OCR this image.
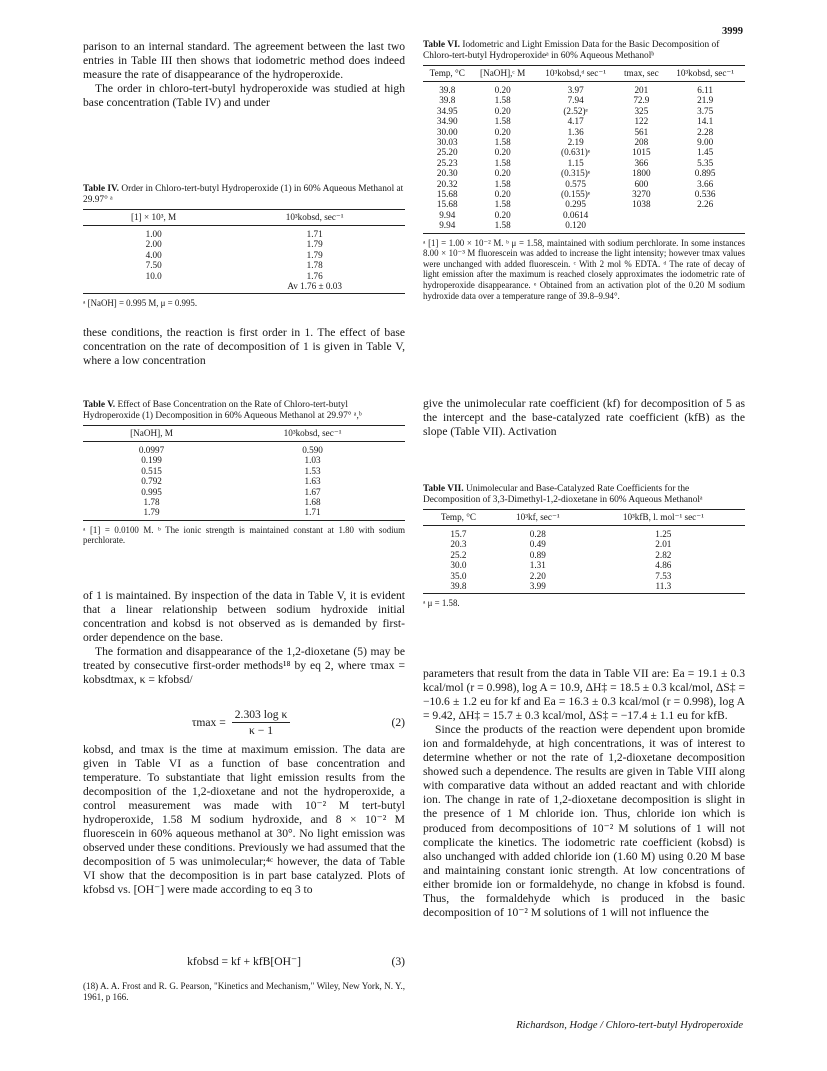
3999

parison to an internal standard. The agreement between the last two entries in Table III then shows that iodometric method does indeed measure the rate of disappearance of the hydroperoxide.

The order in chloro-tert-butyl hydroperoxide was studied at high base concentration (Table IV) and under

Table IV. Order in Chloro-tert-butyl Hydroperoxide (1) in 60% Aqueous Methanol at 29.97° ᵃ
[1] × 10³, M	10³kobsd, sec⁻¹
1.00	1.71
2.00	1.79
4.00	1.79
7.50	1.78
10.0	1.76
	Av 1.76 ± 0.03
ᵃ [NaOH] = 0.995 M, μ = 0.995.

these conditions, the reaction is first order in 1. The effect of base concentration on the rate of decomposition of 1 is given in Table V, where a low concentration

Table V. Effect of Base Concentration on the Rate of Chloro-tert-butyl Hydroperoxide (1) Decomposition in 60% Aqueous Methanol at 29.97° ᵃ,ᵇ
[NaOH], M	10³kobsd, sec⁻¹
0.0997	0.590
0.199	1.03
0.515	1.53
0.792	1.63
0.995	1.67
1.78	1.68
1.79	1.71
ᵃ [1] = 0.0100 M. ᵇ The ionic strength is maintained constant at 1.80 with sodium perchlorate.

of 1 is maintained. By inspection of the data in Table V, it is evident that a linear relationship between sodium hydroxide initial concentration and kobsd is not observed as is demanded by first-order dependence on the base.

The formation and disappearance of the 1,2-dioxetane (5) may be treated by consecutive first-order methods¹⁸ by eq 2, where τmax = kobsdtmax, κ = kfobsd/

$\tau\max = \frac{\text{2.303 log κ}}{\kappa - 1}$	(2)

kobsd, and tmax is the time at maximum emission. The data are given in Table VI as a function of base concentration and temperature. To substantiate that light emission results from the decomposition of the 1,2-dioxetane and not the hydroperoxide, a control measurement was made with 10⁻² M tert-butyl hydroperoxide, 1.58 M sodium hydroxide, and 8 × 10⁻² M fluorescein in 60% aqueous methanol at 30°. No light emission was observed under these conditions. Previously we had assumed that the decomposition of 5 was unimolecular;⁴ᶜ however, the data of Table VI show that the decomposition is in part base catalyzed. Plots of kfobsd vs. [OH⁻] were made according to eq 3 to

kfobsd = kf + kfB[OH⁻]	(3)
(18) A. A. Frost and R. G. Pearson, "Kinetics and Mechanism," Wiley, New York, N. Y., 1961, p 166.
Table VI. Iodometric and Light Emission Data for the Basic Decomposition of Chloro-tert-butyl Hydroperoxideᵃ in 60% Aqueous Methanolᵇ
Temp, °C	[NaOH],ᶜ M	10³kobsd,ᵈ sec⁻¹	tmax, sec	10³kobsd, sec⁻¹
39.8	0.20	3.97	201	6.11
39.8	1.58	7.94	72.9	21.9
34.95	0.20	(2.52)ᵉ	325	3.75
34.90	1.58	4.17	122	14.1
30.00	0.20	1.36	561	2.28
30.03	1.58	2.19	208	9.00
25.20	0.20	(0.631)ᵉ	1015	1.45
25.23	1.58	1.15	366	5.35
20.30	0.20	(0.315)ᵉ	1800	0.895
20.32	1.58	0.575	600	3.66
15.68	0.20	(0.155)ᵉ	3270	0.536
15.68	1.58	0.295	1038	2.26
9.94	0.20	0.0614		
9.94	1.58	0.120		
ᵃ [1] = 1.00 × 10⁻² M. ᵇ μ = 1.58, maintained with sodium perchlorate. In some instances 8.00 × 10⁻³ M fluorescein was added to increase the light intensity; however tmax values were unchanged with added fluorescein. ᶜ With 2 mol % EDTA. ᵈ The rate of decay of light emission after the maximum is reached closely approximates the iodometric rate of hydroperoxide disappearance. ᵉ Obtained from an activation plot of the 0.20 M sodium hydroxide data over a temperature range of 39.8–9.94°.

give the unimolecular rate coefficient (kf) for decomposition of 5 as the intercept and the base-catalyzed rate coefficient (kfB) as the slope (Table VII). Activation

Table VII. Unimolecular and Base-Catalyzed Rate Coefficients for the Decomposition of 3,3-Dimethyl-1,2-dioxetane in 60% Aqueous Methanolᵃ
Temp, °C	10³kf, sec⁻¹	10³kfB, l. mol⁻¹ sec⁻¹
15.7	0.28	1.25
20.3	0.49	2.01
25.2	0.89	2.82
30.0	1.31	4.86
35.0	2.20	7.53
39.8	3.99	11.3
ᵃ μ = 1.58.

parameters that result from the data in Table VII are: Ea = 19.1 ± 0.3 kcal/mol (r = 0.998), log A = 10.9, ΔH‡ = 18.5 ± 0.3 kcal/mol, ΔS‡ = −10.6 ± 1.2 eu for kf and Ea = 16.3 ± 0.3 kcal/mol (r = 0.998), log A = 9.42, ΔH‡ = 15.7 ± 0.3 kcal/mol, ΔS‡ = −17.4 ± 1.1 eu for kfB.

Since the products of the reaction were dependent upon bromide ion and formaldehyde, at high concentrations, it was of interest to determine whether or not the rate of 1,2-dioxetane decomposition showed such a dependence. The results are given in Table VIII along with comparative data without an added reactant and with chloride ion. The change in rate of 1,2-dioxetane decomposition is slight in the presence of 1 M chloride ion. Thus, chloride ion which is produced from decompositions of 10⁻² M solutions of 1 will not complicate the kinetics. The iodometric rate coefficient (kobsd) is also unchanged with added chloride ion (1.60 M) using 0.20 M base and maintaining constant ionic strength. At low concentrations of either bromide ion or formaldehyde, no change in kfobsd is found. Thus, the formaldehyde which is produced in the basic decomposition of 10⁻² M solutions of 1 will not influence the

Richardson, Hodge / Chloro-tert-butyl Hydroperoxide
